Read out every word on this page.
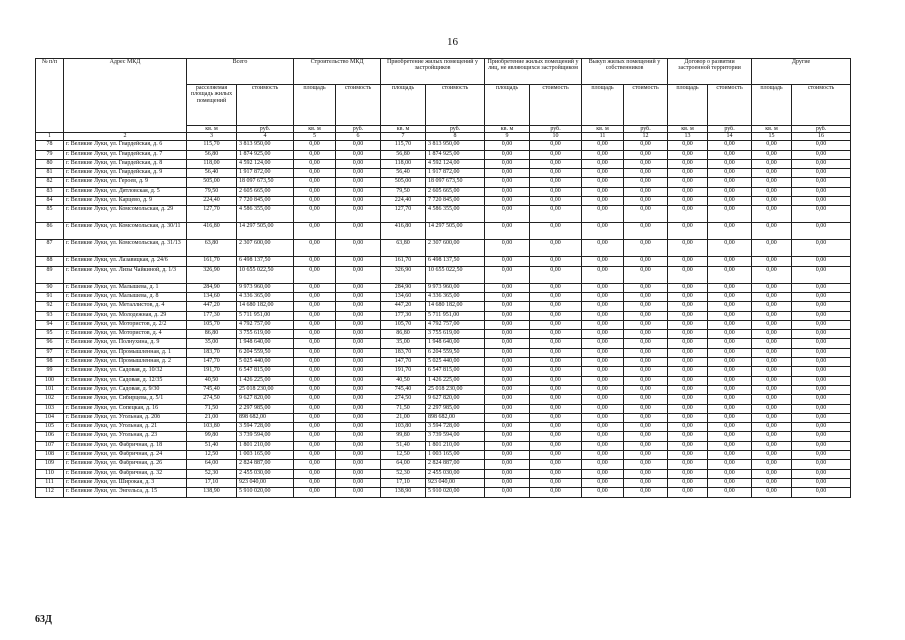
16
№ п/п	Адрес МКД	Всего		Строительство МКД		Приобретение жилых помещений у застройщиков		Приобретение жилых помещений у лиц, не являющихся застройщиком		Выкуп жилых помещений у собственников		Договор о развитии застроенной территории		Другие	
		расселяемая площадь жилых помещений	стоимость	площадь	стоимость	площадь	стоимость	площадь	стоимость	площадь	стоимость	площадь	стоимость	площадь	стоимость
		кв. м	руб.	кв. м	руб.	кв. м	руб.	кв. м	руб.	кв. м	руб.	кв. м	руб.	кв. м	руб.
1	2	3	4	5	6	7	8	9	10	11	12	13	14	15	16
78	г. Великие Луки, ул. Гвардейская, д. 6	115,70	3 813 950,00	0,00	0,00	115,70	3 813 950,00	0,00	0,00	0,00	0,00	0,00	0,00	0,00	0,00
79	г. Великие Луки, ул. Гвардейская, д. 7	56,80	1 874 925,00	0,00	0,00	56,80	1 874 925,00	0,00	0,00	0,00	0,00	0,00	0,00	0,00	0,00
80	г. Великие Луки, ул. Гвардейская, д. 8	118,00	4 592 124,00	0,00	0,00	118,00	4 592 124,00	0,00	0,00	0,00	0,00	0,00	0,00	0,00	0,00
81	г. Великие Луки, ул. Гвардейская, д. 9	56,40	1 917 872,00	0,00	0,00	56,40	1 917 872,00	0,00	0,00	0,00	0,00	0,00	0,00	0,00	0,00
82	г. Великие Луки, ул. Героев, д. 9	505,00	18 097 673,50	0,00	0,00	505,00	18 097 673,50	0,00	0,00	0,00	0,00	0,00	0,00	0,00	0,00
83	г. Великие Луки, ул. Дятловская, д. 5	79,50	2 605 665,00	0,00	0,00	79,50	2 605 665,00	0,00	0,00	0,00	0,00	0,00	0,00	0,00	0,00
84	г. Великие Луки, ул. Карцево, д. 9	224,40	7 720 845,00	0,00	0,00	224,40	7 720 845,00	0,00	0,00	0,00	0,00	0,00	0,00	0,00	0,00
85	г. Великие Луки, ул. Комсомольская, д. 29	127,70	4 586 355,00	0,00	0,00	127,70	4 586 355,00	0,00	0,00	0,00	0,00	0,00	0,00	0,00	0,00
86	г. Великие Луки, ул. Комсомольская, д. 30/11	416,80	14 297 505,00	0,00	0,00	416,80	14 297 505,00	0,00	0,00	0,00	0,00	0,00	0,00	0,00	0,00
87	г. Великие Луки, ул. Комсомольская, д. 31/13	63,80	2 307 600,00	0,00	0,00	63,80	2 307 600,00	0,00	0,00	0,00	0,00	0,00	0,00	0,00	0,00
88	г. Великие Луки, ул. Лазавицкая, д. 24/6	161,70	6 498 137,50	0,00	0,00	161,70	6 498 137,50	0,00	0,00	0,00	0,00	0,00	0,00	0,00	0,00
89	г. Великие Луки, ул. Лизы Чайкиной, д. 1/3	326,90	10 655 022,50	0,00	0,00	326,90	10 655 022,50	0,00	0,00	0,00	0,00	0,00	0,00	0,00	0,00
90	г. Великие Луки, ул. Малышева, д. 1	284,90	9 973 960,00	0,00	0,00	284,90	9 973 960,00	0,00	0,00	0,00	0,00	0,00	0,00	0,00	0,00
91	г. Великие Луки, ул. Малышева, д. 8	134,60	4 336 365,00	0,00	0,00	134,60	4 336 365,00	0,00	0,00	0,00	0,00	0,00	0,00	0,00	0,00
92	г. Великие Луки, ул. Металлистов, д. 4	447,20	14 680 182,00	0,00	0,00	447,20	14 680 182,00	0,00	0,00	0,00	0,00	0,00	0,00	0,00	0,00
93	г. Великие Луки, ул. Молодежная, д. 29	177,30	5 711 951,00	0,00	0,00	177,30	5 711 951,00	0,00	0,00	0,00	0,00	0,00	0,00	0,00	0,00
94	г. Великие Луки, ул. Мотористов, д. 2/2	105,70	4 792 757,00	0,00	0,00	105,70	4 792 757,00	0,00	0,00	0,00	0,00	0,00	0,00	0,00	0,00
95	г. Великие Луки, ул. Мотористов, д. 4	86,80	3 755 619,00	0,00	0,00	86,80	3 755 619,00	0,00	0,00	0,00	0,00	0,00	0,00	0,00	0,00
96	г. Великие Луки, ул. Полнухина, д. 9	35,00	1 948 640,00	0,00	0,00	35,00	1 948 640,00	0,00	0,00	0,00	0,00	0,00	0,00	0,00	0,00
97	г. Великие Луки, ул. Промышленная, д. 1	183,70	6 204 559,50	0,00	0,00	183,70	6 204 559,50	0,00	0,00	0,00	0,00	0,00	0,00	0,00	0,00
98	г. Великие Луки, ул. Промышленная, д. 2	147,70	5 025 440,00	0,00	0,00	147,70	5 025 440,00	0,00	0,00	0,00	0,00	0,00	0,00	0,00	0,00
99	г. Великие Луки, ул. Садовая, д. 10/32	191,70	6 547 815,00	0,00	0,00	191,70	6 547 815,00	0,00	0,00	0,00	0,00	0,00	0,00	0,00	0,00
100	г. Великие Луки, ул. Садовая, д. 12/35	40,50	1 426 225,00	0,00	0,00	40,50	1 426 225,00	0,00	0,00	0,00	0,00	0,00	0,00	0,00	0,00
101	г. Великие Луки, ул. Садовая, д. 9/30	745,40	25 018 230,00	0,00	0,00	745,40	25 018 230,00	0,00	0,00	0,00	0,00	0,00	0,00	0,00	0,00
102	г. Великие Луки, ул. Сибирцева, д. 5/1	274,50	9 627 820,00	0,00	0,00	274,50	9 627 820,00	0,00	0,00	0,00	0,00	0,00	0,00	0,00	0,00
103	г. Великие Луки, ул. Сопецкая, д. 16	71,50	2 297 985,00	0,00	0,00	71,50	2 297 985,00	0,00	0,00	0,00	0,00	0,00	0,00	0,00	0,00
104	г. Великие Луки, ул. Угольная, д. 20б	21,00	898 682,00	0,00	0,00	21,00	898 682,00	0,00	0,00	0,00	0,00	0,00	0,00	0,00	0,00
105	г. Великие Луки, ул. Угольная, д. 21	103,80	3 594 728,00	0,00	0,00	103,80	3 594 728,00	0,00	0,00	0,00	0,00	0,00	0,00	0,00	0,00
106	г. Великие Луки, ул. Угольная, д. 23	99,80	3 739 594,00	0,00	0,00	99,80	3 739 594,00	0,00	0,00	0,00	0,00	0,00	0,00	0,00	0,00
107	г. Великие Луки, ул. Фабричная, д. 18	51,40	1 801 210,00	0,00	0,00	51,40	1 801 210,00	0,00	0,00	0,00	0,00	0,00	0,00	0,00	0,00
108	г. Великие Луки, ул. Фабричная, д. 24	12,50	1 003 165,00	0,00	0,00	12,50	1 003 165,00	0,00	0,00	0,00	0,00	0,00	0,00	0,00	0,00
109	г. Великие Луки, ул. Фабричная, д. 26	64,00	2 824 887,00	0,00	0,00	64,00	2 824 887,00	0,00	0,00	0,00	0,00	0,00	0,00	0,00	0,00
110	г. Великие Луки, ул. Фабричная, д. 32	52,30	2 455 030,00	0,00	0,00	52,30	2 455 030,00	0,00	0,00	0,00	0,00	0,00	0,00	0,00	0,00
111	г. Великие Луки, ул. Широкая, д. 3	17,10	923 040,00	0,00	0,00	17,10	923 040,00	0,00	0,00	0,00	0,00	0,00	0,00	0,00	0,00
112	г. Великие Луки, ул. Энгельса, д. 15	138,90	5 910 020,00	0,00	0,00	138,90	5 910 020,00	0,00	0,00	0,00	0,00	0,00	0,00	0,00	0,00
63Д
